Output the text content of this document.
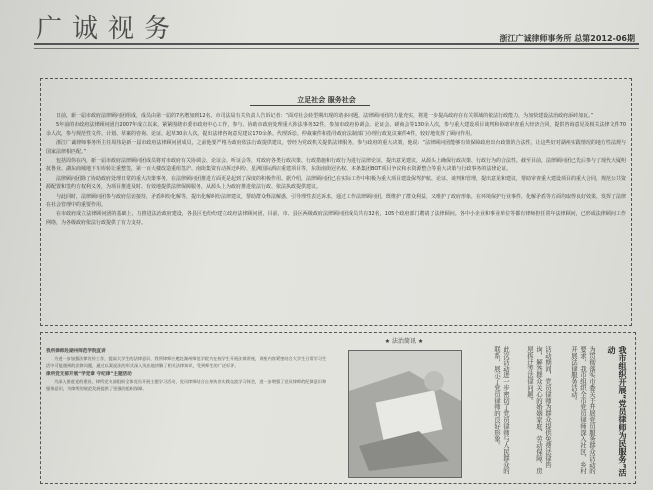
广诚视务	浙江广诚律师事务所 总第2012-06期
立足社会 服务社会

日前，新一届市政府法律顾问团组成，成员由第一届的7名增加到12名。市司法局有关负责人告诉记者：“面对社会转型期出现的诸多问题，法律顾问团的力量充实，将进一步提高政府在有关领域的依法行政能力，为加快建设法治政府添砖加瓦。”

5年前的市政府法律顾问团自2007年成立以来，紧紧围绕市委市政府中心工作，参与、协助市政府处理重大涉法事务32件，参加市政府协调会、论证会、磋商会等130余人次，参与重大建设项目谈判和协助审查重大经济合同，提供咨询意见及相关法律文件70余人次，参与规范性文件、计划、草案的咨询、论证、起草30余人次。提出法律咨询意见建议170余条。代理诉讼、仲裁案件和指导政府法制部门办理行政复议案件4件，较好地发挥了顾问作用。

浙江广诚律师事务所主任周伟是新一届市政府法律顾问团成员，之前他要严格为政府依法行政提供建议，曾经为党政机关提供法律服务，参与政府的重大决策，他说：“法律顾问团能够有效保障政府出台政策的合法性，让这些好对湖州实践情况的地方性法规与国家法律相匹配。”

包括周伟在内，新一届市政府法律顾问团成员将对市政府有关协调会、论证会、听证会等，对政府各类行政决策、行政措施和行政行为进行法律论证，提出意见建议，从源头上确保行政决策、行政行为的合法性。截至目前，法律顾问团已先后参与了现代大厦明抚鲁业、湖东商城地下车库转让重整签，第一百大楼改造重组签沪、南街集资有动拆迁纠纷、星洲国际酒店重建项目等，东街南街冠名权、本条集团BOT项目争议和水资源整合等重大决策与行政事务的法律论证。

法律顾问团除了协助政府处理日常的重大决策事务，在法律顾问团推进方面更是起到了深度的积极作用。据介绍，法律顾问团已在实际工作中积极为重大项目建设保驾护航、论证、谈判和管理，提出意见和建议，帮助审查重大建设项目的重大合同，规范公共资源配置和签约方权利义务，为项目推进及时、有效地提供法律保障服务，从源头上为政府推进依法行政、依法执政提供建议。

与此同时，法律顾问团参与政府信访接待，矛盾纠纷化解等，提出化解纠纷法律建议，帮助群众释法解惑，引导理性表达诉求，通过工作法律顾问团，既维护了群众利益，又维护了政府形象，在环境保护行业事件，化解矛盾等方面均取得良好效果，发挥了法律在社会管理中的重要作用。

在市政府成立法律顾问团的基础上，力推进法治政府建设，各县区也纷纷建立政府法律顾问团，目前，市、县区两级政府法律顾问团成员共有32名，105个政府部门聘请了法律顾问。各中小企业和事业单位等都有律师担任常年法律顾问，已形成法律顾问工作网络，为各级政府依法行政提供了有力支持。

我所律师赴湖州师范学院宣讲

为进一步加强法律宣传工作，提高大学生的法律意识，我所律师应邀赴湖州师范学院为在校学生开展法律讲座，讲座内容紧密结合大学生日常学习生活中可能遇到的法律问题，通过以案说法的形式深入浅出地讲解了相关法律知识，受到师生的广泛好评。

律所党支部开展“学党章 守纪律”主题活动

为深入推进党的建设，律所党支部组织全体党员开展主题学习活动，党员律师结合自身执业实践交流学习体会，进一步增强了党员律师的纪律意识和服务意识，为律所的规范发展提供了坚强的组织保障。

★ 法治简讯 ★
此次活动进一步密切了党员律师与人民群众的联系，展示了党员律师的良好形象。	活动期间，党员律师为群众提供免费法律咨询，解答群众关心的婚姻家庭、劳动保障、房屋拆迁等法律问题。	为贯彻落实市委关于开展党员服务群众活动的要求，我市组织全市党员律师深入社区、乡村开展法律服务活动。	我市组织开展“党员律师为民服务”活动
